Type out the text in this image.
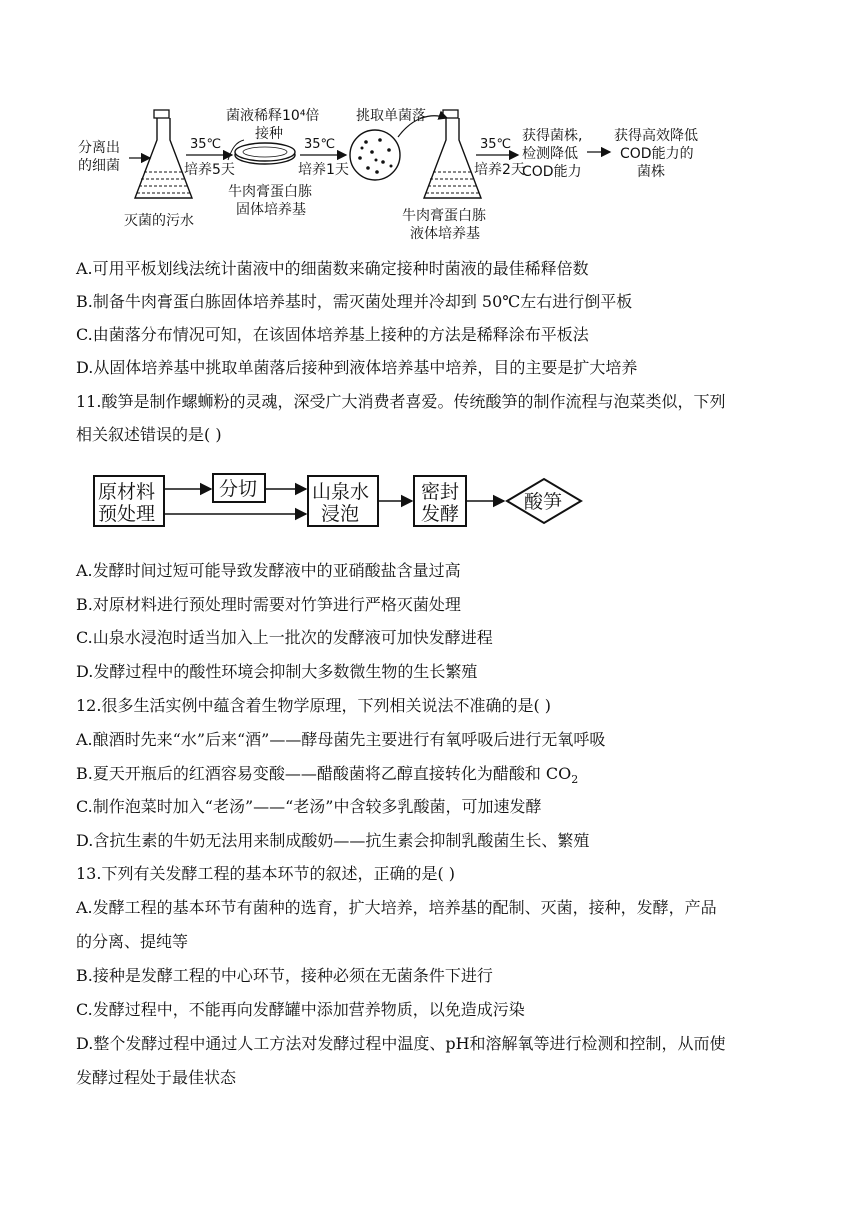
分离出
的细菌
灭菌的污水
35℃
培养5天
菌液稀释10⁴倍
接种
牛肉膏蛋白胨
固体培养基
35℃
培养1天
挑取单菌落
牛肉膏蛋白胨
液体培养基
35℃
培养2天
获得菌株,
检测降低
COD能力
获得高效降低
COD能力的
菌株
A.可用平板划线法统计菌液中的细菌数来确定接种时菌液的最佳稀释倍数
B.制备牛肉膏蛋白胨固体培养基时，需灭菌处理并冷却到 50℃左右进行倒平板
C.由菌落分布情况可知，在该固体培养基上接种的方法是稀释涂布平板法
D.从固体培养基中挑取单菌落后接种到液体培养基中培养，目的主要是扩大培养
11.酸笋是制作螺蛳粉的灵魂，深受广大消费者喜爱。传统酸笋的制作流程与泡菜类似，下列
相关叙述错误的是( )
原材料
预处理
分切	山泉水
浸泡
密封
发酵
酸笋
A.发酵时间过短可能导致发酵液中的亚硝酸盐含量过高
B.对原材料进行预处理时需要对竹笋进行严格灭菌处理
C.山泉水浸泡时适当加入上一批次的发酵液可加快发酵进程
D.发酵过程中的酸性环境会抑制大多数微生物的生长繁殖
12.很多生活实例中蕴含着生物学原理，下列相关说法不准确的是( )
A.酿酒时先来“水”后来“酒”——酵母菌先主要进行有氧呼吸后进行无氧呼吸
B.夏天开瓶后的红酒容易变酸——醋酸菌将乙醇直接转化为醋酸和 $CO_2$
C.制作泡菜时加入“老汤”——“老汤”中含较多乳酸菌，可加速发酵
D.含抗生素的牛奶无法用来制成酸奶——抗生素会抑制乳酸菌生长、繁殖
13.下列有关发酵工程的基本环节的叙述，正确的是( )
A.发酵工程的基本环节有菌种的选育，扩大培养，培养基的配制、灭菌，接种，发酵，产品
的分离、提纯等
B.接种是发酵工程的中心环节，接种必须在无菌条件下进行
C.发酵过程中，不能再向发酵罐中添加营养物质，以免造成污染
D.整个发酵过程中通过人工方法对发酵过程中温度、pH和溶解氧等进行检测和控制，从而使
发酵过程处于最佳状态
